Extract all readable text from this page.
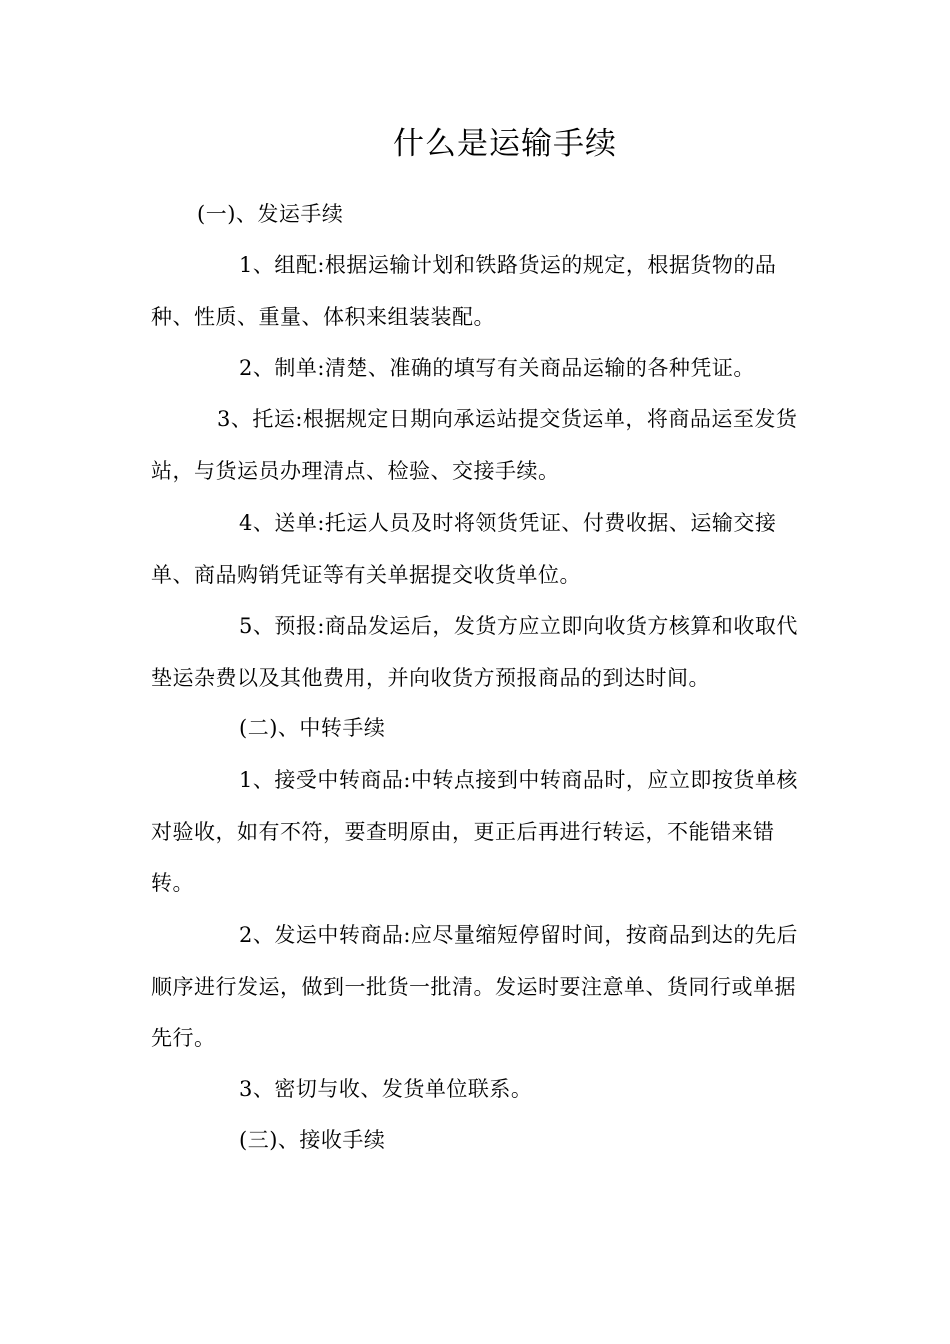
什么是运输手续

(一)、发运手续

1、组配:根据运输计划和铁路货运的规定，根据货物的品种、性质、重量、体积来组装装配。

2、制单:清楚、准确的填写有关商品运输的各种凭证。

3、托运:根据规定日期向承运站提交货运单，将商品运至发货站，与货运员办理清点、检验、交接手续。

4、送单:托运人员及时将领货凭证、付费收据、运输交接单、商品购销凭证等有关单据提交收货单位。

5、预报:商品发运后，发货方应立即向收货方核算和收取代垫运杂费以及其他费用，并向收货方预报商品的到达时间。

(二)、中转手续

1、接受中转商品:中转点接到中转商品时，应立即按货单核对验收，如有不符，要查明原由，更正后再进行转运，不能错来错转。

2、发运中转商品:应尽量缩短停留时间，按商品到达的先后顺序进行发运，做到一批货一批清。发运时要注意单、货同行或单据先行。

3、密切与收、发货单位联系。

(三)、接收手续
